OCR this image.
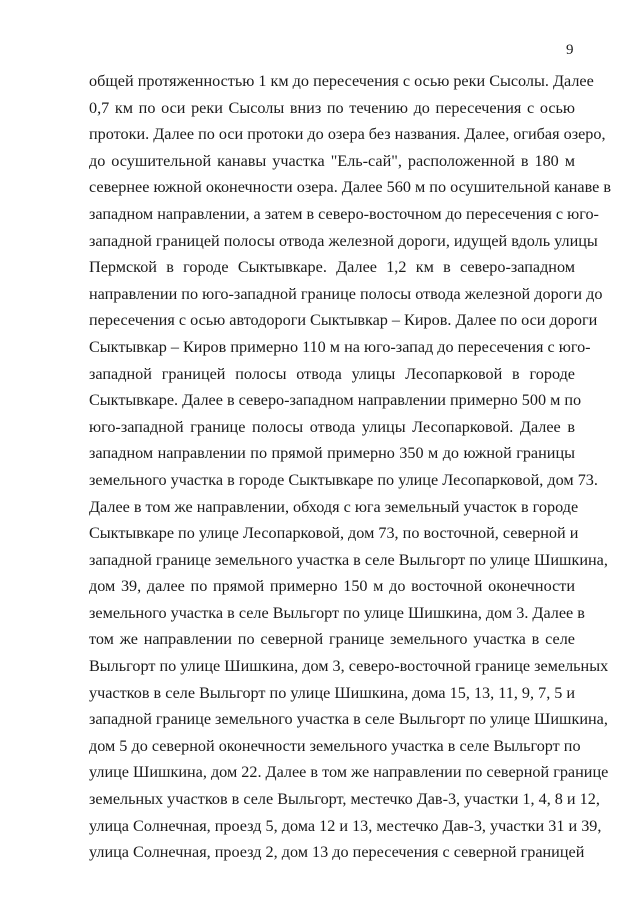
9
общей протяженностью 1 км до пересечения с осью реки Сысолы. Далее
0,7 км по оси реки Сысолы вниз по течению до пересечения с осью
протоки. Далее по оси протоки до озера без названия. Далее, огибая озеро,
до осушительной канавы участка "Ель-сай", расположенной в 180 м
севернее южной оконечности озера. Далее 560 м по осушительной канаве в
западном направлении, а затем в северо-восточном до пересечения с юго-
западной границей полосы отвода железной дороги, идущей вдоль улицы
Пермской в городе Сыктывкаре. Далее 1,2 км в северо-западном
направлении по юго-западной границе полосы отвода железной дороги до
пересечения с осью автодороги Сыктывкар – Киров. Далее по оси дороги
Сыктывкар – Киров примерно 110 м на юго-запад до пересечения с юго-
западной границей полосы отвода улицы Лесопарковой в городе
Сыктывкаре. Далее в северо-западном направлении примерно 500 м по
юго-западной границе полосы отвода улицы Лесопарковой. Далее в
западном направлении по прямой примерно 350 м до южной границы
земельного участка в городе Сыктывкаре по улице Лесопарковой, дом 73.
Далее в том же направлении, обходя с юга земельный участок в городе
Сыктывкаре по улице Лесопарковой, дом 73, по восточной, северной и
западной границе земельного участка в селе Выльгорт по улице Шишкина,
дом 39, далее по прямой примерно 150 м до восточной оконечности
земельного участка в селе Выльгорт по улице Шишкина, дом 3. Далее в
том же направлении по северной границе земельного участка в селе
Выльгорт по улице Шишкина, дом 3, северо-восточной границе земельных
участков в селе Выльгорт по улице Шишкина, дома 15, 13, 11, 9, 7, 5 и
западной границе земельного участка в селе Выльгорт по улице Шишкина,
дом 5 до северной оконечности земельного участка в селе Выльгорт по
улице Шишкина, дом 22. Далее в том же направлении по северной границе
земельных участков в селе Выльгорт, местечко Дав-3, участки 1, 4, 8 и 12,
улица Солнечная, проезд 5, дома 12 и 13, местечко Дав-3, участки 31 и 39,
улица Солнечная, проезд 2, дом 13 до пересечения с северной границей
